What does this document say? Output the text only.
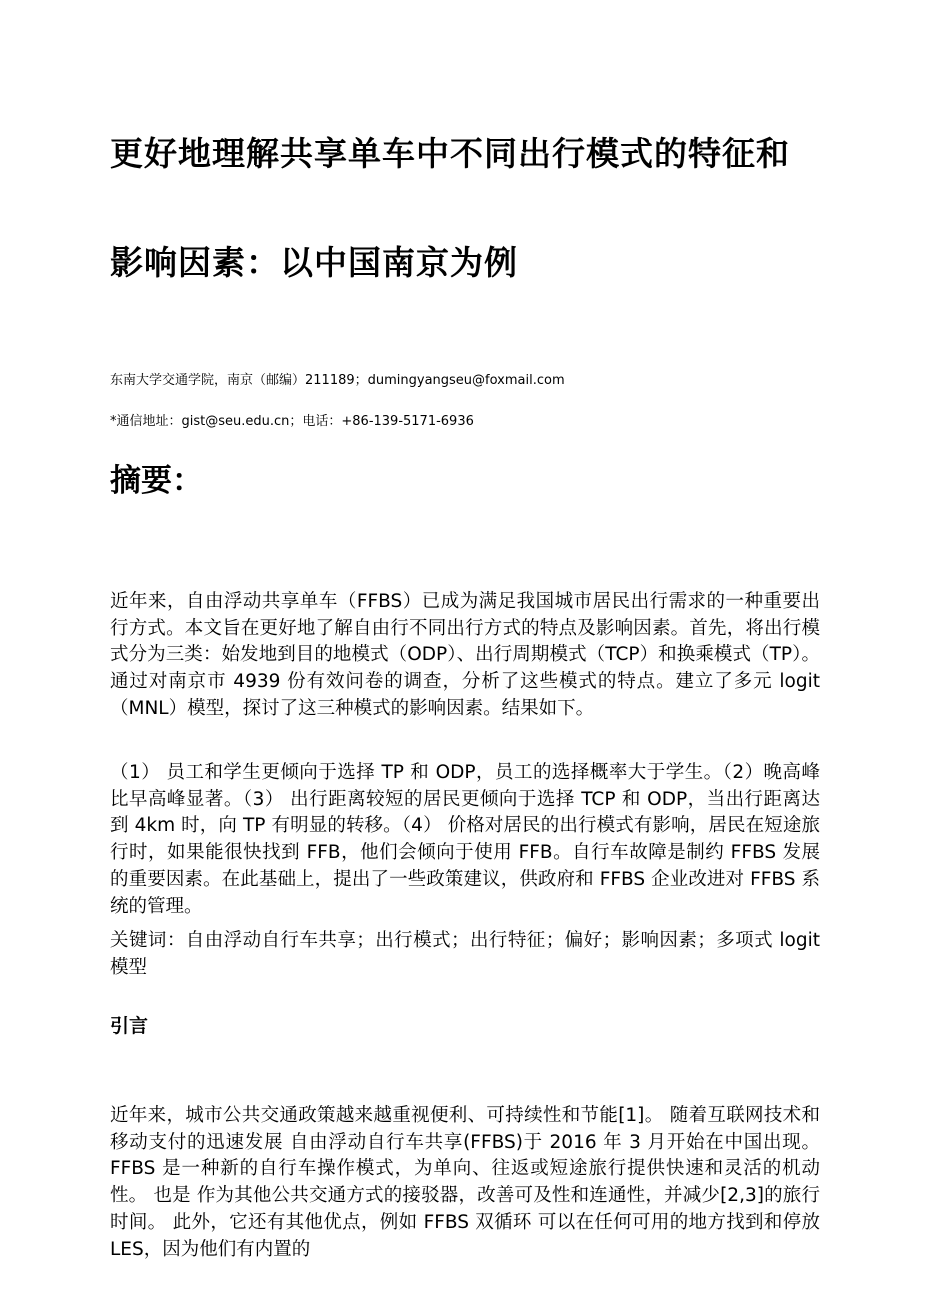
更好地理解共享单车中不同出行模式的特征和
影响因素：以中国南京为例
东南大学交通学院，南京（邮编）211189；dumingyangseu@foxmail.com
*通信地址：gist@seu.edu.cn；电话：+86-139-5171-6936
摘要：

近年来，自由浮动共享单车（FFBS）已成为满足我国城市居民出行需求的一种重要出行方式。本文旨在更好地了解自由行不同出行方式的特点及影响因素。首先，将出行模式分为三类：始发地到目的地模式（ODP）、出行周期模式（TCP）和换乘模式（TP）。通过对南京市 4939 份有效问卷的调查，分析了这些模式的特点。建立了多元 logit（MNL）模型，探讨了这三种模式的影响因素。结果如下。

（1） 员工和学生更倾向于选择 TP 和 ODP，员工的选择概率大于学生。（2）晚高峰比早高峰显著。（3） 出行距离较短的居民更倾向于选择 TCP 和 ODP，当出行距离达到 4km 时，向 TP 有明显的转移。（4） 价格对居民的出行模式有影响，居民在短途旅行时，如果能很快找到 FFB，他们会倾向于使用 FFB。自行车故障是制约 FFBS 发展的重要因素。在此基础上，提出了一些政策建议，供政府和 FFBS 企业改进对 FFBS 系统的管理。

关键词：自由浮动自行车共享；出行模式；出行特征；偏好；影响因素；多项式 logit 模型

引言

近年来，城市公共交通政策越来越重视便利、可持续性和节能[1]。 随着互联网技术和移动支付的迅速发展 自由浮动自行车共享(FFBS)于 2016 年 3 月开始在中国出现。 FFBS 是一种新的自行车操作模式，为单向、往返或短途旅行提供快速和灵活的机动性。 也是 作为其他公共交通方式的接驳器，改善可及性和连通性，并减少[2,3]的旅行时间。 此外，它还有其他优点，例如 FFBS 双循环 可以在任何可用的地方找到和停放 LES，因为他们有内置的
